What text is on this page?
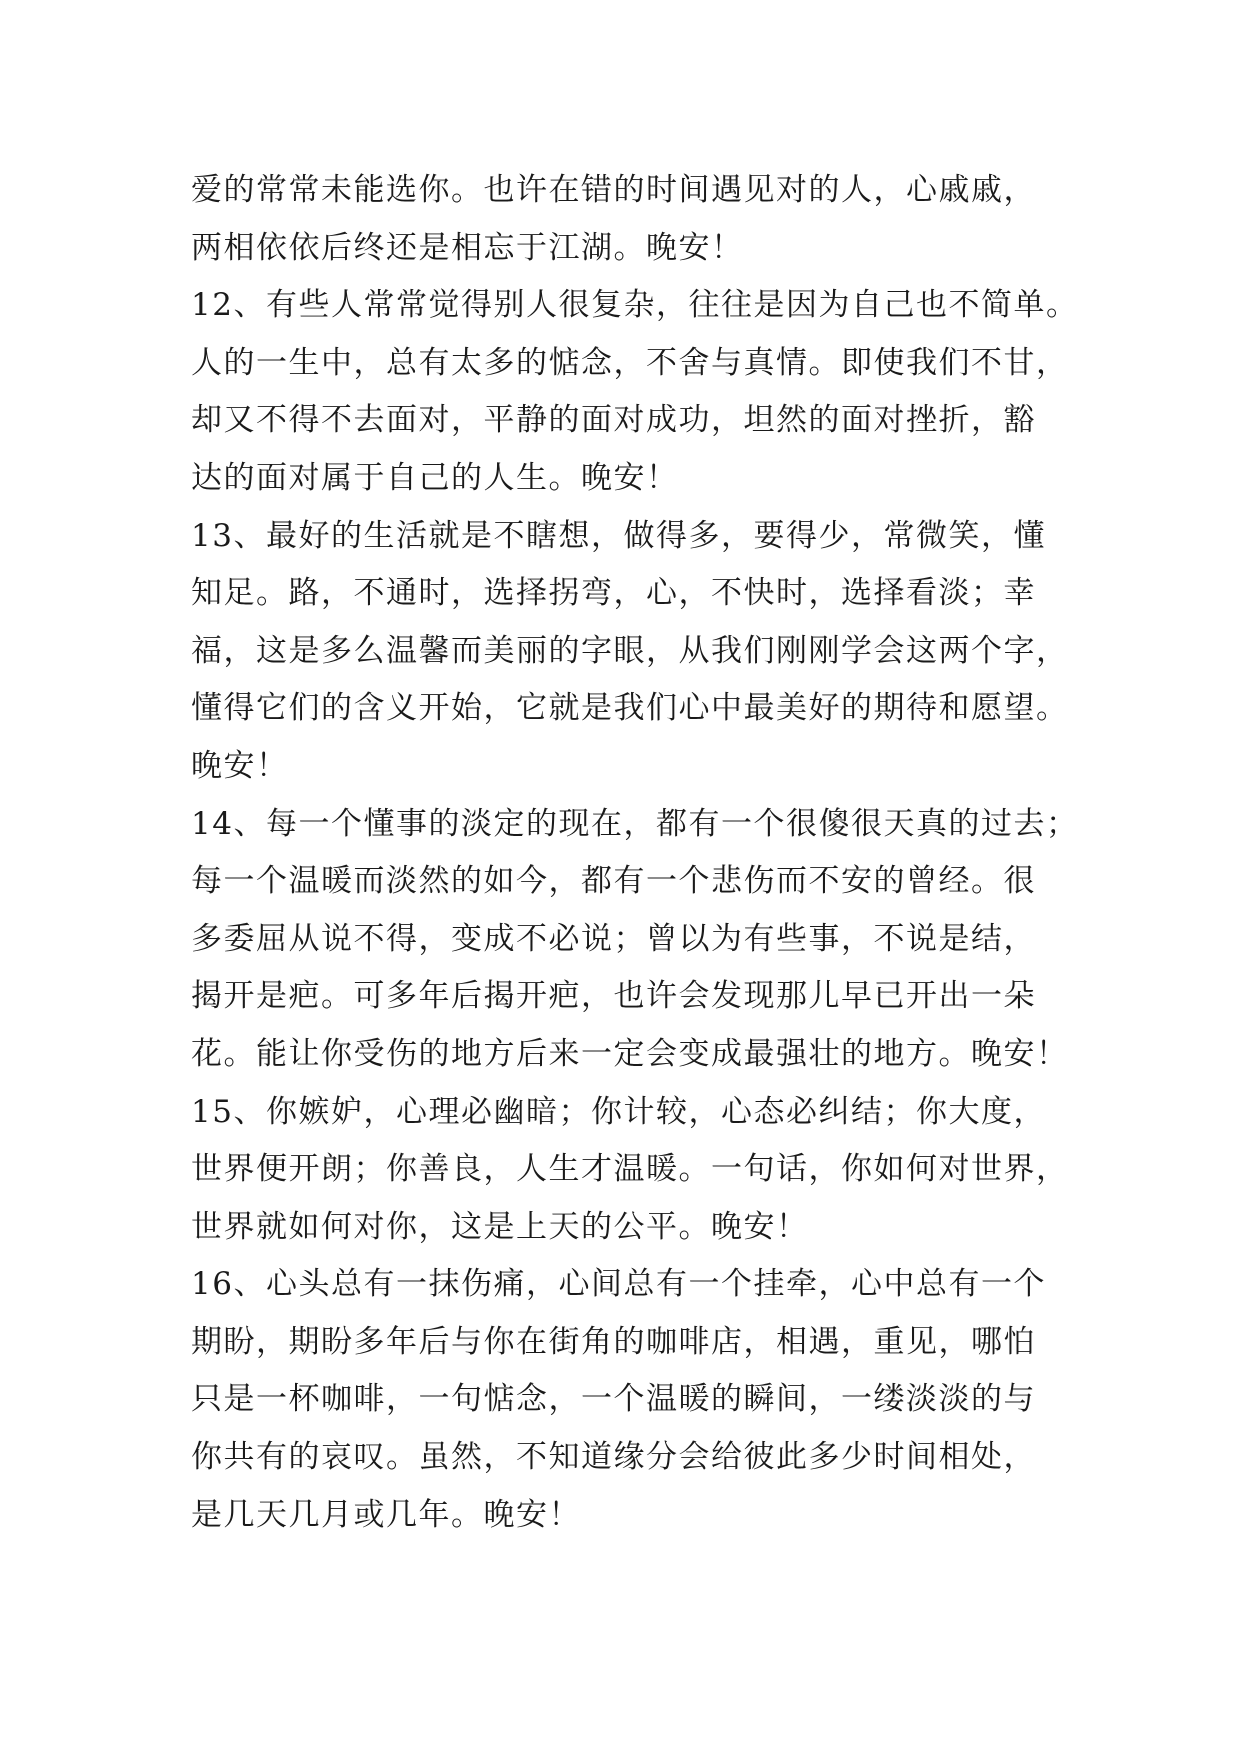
爱的常常未能选你。也许在错的时间遇见对的人，心戚戚，
两相依依后终还是相忘于江湖。晚安！
12、有些人常常觉得别人很复杂，往往是因为自己也不简单。
人的一生中，总有太多的惦念，不舍与真情。即使我们不甘，
却又不得不去面对，平静的面对成功，坦然的面对挫折，豁
达的面对属于自己的人生。晚安！
13、最好的生活就是不瞎想，做得多，要得少，常微笑，懂
知足。路，不通时，选择拐弯，心，不快时，选择看淡；幸
福，这是多么温馨而美丽的字眼，从我们刚刚学会这两个字，
懂得它们的含义开始，它就是我们心中最美好的期待和愿望。
晚安！
14、每一个懂事的淡定的现在，都有一个很傻很天真的过去；
每一个温暖而淡然的如今，都有一个悲伤而不安的曾经。很
多委屈从说不得，变成不必说；曾以为有些事，不说是结，
揭开是疤。可多年后揭开疤，也许会发现那儿早已开出一朵
花。能让你受伤的地方后来一定会变成最强壮的地方。晚安！
15、你嫉妒，心理必幽暗；你计较，心态必纠结；你大度，
世界便开朗；你善良，人生才温暖。一句话，你如何对世界，
世界就如何对你，这是上天的公平。晚安！
16、心头总有一抹伤痛，心间总有一个挂牵，心中总有一个
期盼，期盼多年后与你在街角的咖啡店，相遇，重见，哪怕
只是一杯咖啡，一句惦念，一个温暖的瞬间，一缕淡淡的与
你共有的哀叹。虽然，不知道缘分会给彼此多少时间相处，
是几天几月或几年。晚安！
